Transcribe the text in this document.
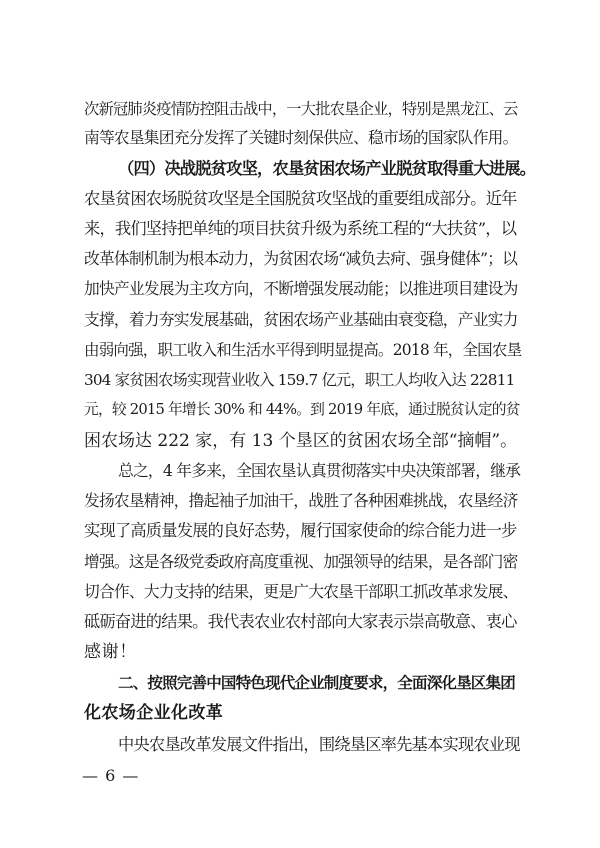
次新冠肺炎疫情防控阻击战中，一大批农垦企业，特别是黑龙江、云
南等农垦集团充分发挥了关键时刻保供应、稳市场的国家队作用。
（四）决战脱贫攻坚，农垦贫困农场产业脱贫取得重大进展。
农垦贫困农场脱贫攻坚是全国脱贫攻坚战的重要组成部分。近年
来，我们坚持把单纯的项目扶贫升级为系统工程的“大扶贫”，以
改革体制机制为根本动力，为贫困农场“减负去疴、强身健体”；以
加快产业发展为主攻方向，不断增强发展动能；以推进项目建设为
支撑，着力夯实发展基础，贫困农场产业基础由衰变稳，产业实力
由弱向强，职工收入和生活水平得到明显提高。2018 年，全国农垦
304 家贫困农场实现营业收入 159.7 亿元，职工人均收入达 22811
元，较 2015 年增长 30% 和 44%。到 2019 年底，通过脱贫认定的贫
困农场达 222 家，有 13 个垦区的贫困农场全部“摘帽”。
总之，4 年多来，全国农垦认真贯彻落实中央决策部署，继承
发扬农垦精神，撸起袖子加油干，战胜了各种困难挑战，农垦经济
实现了高质量发展的良好态势，履行国家使命的综合能力进一步
增强。这是各级党委政府高度重视、加强领导的结果，是各部门密
切合作、大力支持的结果，更是广大农垦干部职工抓改革求发展、
砥砺奋进的结果。我代表农业农村部向大家表示崇高敬意、衷心
感谢！
二、按照完善中国特色现代企业制度要求，全面深化垦区集团
化农场企业化改革
中央农垦改革发展文件指出，围绕垦区率先基本实现农业现
— 6 —
